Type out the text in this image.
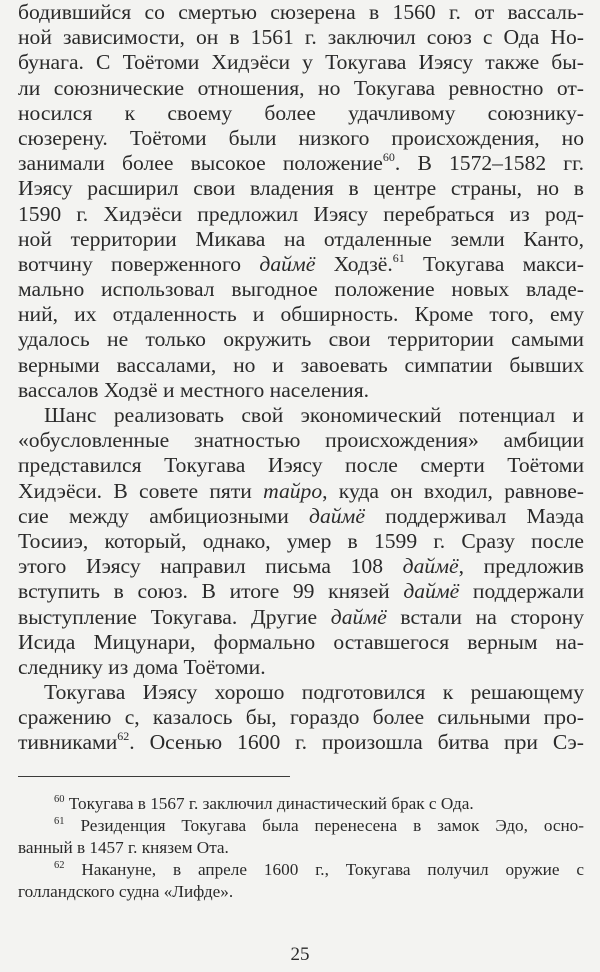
бодившийся со смертью сюзерена в 1560 г. от вассаль-
ной зависимости, он в 1561 г. заключил союз с Ода Но-
бунага. С Тоётоми Хидэёси у Токугава Иэясу также бы-
ли союзнические отношения, но Токугава ревностно от-
носился к своему более удачливому союзнику-
сюзерену. Тоётоми были низкого происхождения, но
занимали более высокое положение$^{60}$. В 1572–1582 гг.
Иэясу расширил свои владения в центре страны, но в
1590 г. Хидэёси предложил Иэясу перебраться из род-
ной территории Микава на отдаленные земли Канто,
вотчину поверженного даймё Ходзё.$^{61}$ Токугава макси-
мально использовал выгодное положение новых владе-
ний, их отдаленность и обширность. Кроме того, ему
удалось не только окружить свои территории самыми
верными вассалами, но и завоевать симпатии бывших
вассалов Ходзё и местного населения.
Шанс реализовать свой экономический потенциал и
«обусловленные знатностью происхождения» амбиции
представился Токугава Иэясу после смерти Тоётоми
Хидэёси. В совете пяти тайро, куда он входил, равнове-
сие между амбициозными даймё поддерживал Маэда
Тосииэ, который, однако, умер в 1599 г. Сразу после
этого Иэясу направил письма 108 даймё, предложив
вступить в союз. В итоге 99 князей даймё поддержали
выступление Токугава. Другие даймё встали на сторону
Исида Мицунари, формально оставшегося верным на-
следнику из дома Тоётоми.
Токугава Иэясу хорошо подготовился к решающему
сражению с, казалось бы, гораздо более сильными про-
тивниками$^{62}$. Осенью 1600 г. произошла битва при Сэ-
$^{60}$ Токугава в 1567 г. заключил династический брак с Ода.
$^{61}$ Резиденция Токугава была перенесена в замок Эдо, осно-
ванный в 1457 г. князем Ота.
$^{62}$ Накануне, в апреле 1600 г., Токугава получил оружие с
голландского судна «Лифде».
25
